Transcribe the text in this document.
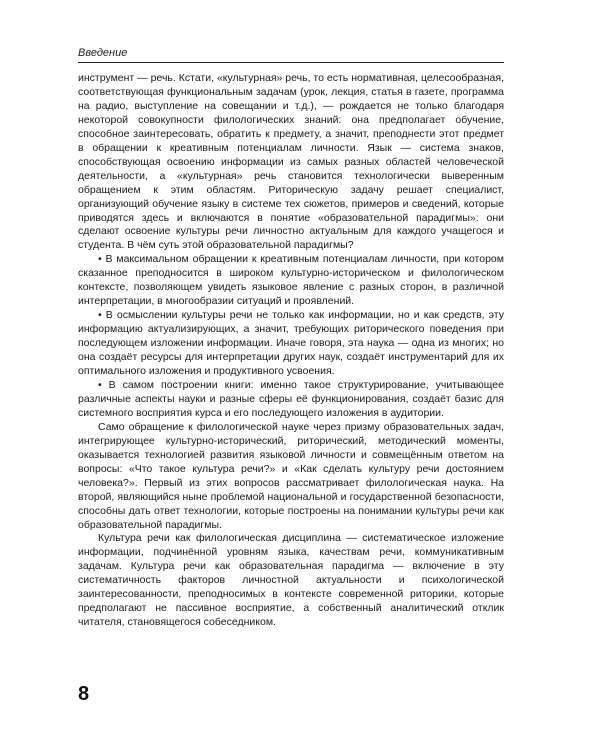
Введение

инструмент — речь. Кстати, «культурная» речь, то есть нормативная, целесообразная, соответствующая функциональным задачам (урок, лекция, статья в газете, программа на радио, выступление на совещании и т.д.), — рождается не только благодаря некоторой совокупности филологических знаний: она предполагает обучение, способное заинтересовать, обратить к предмету, а значит, преподнести этот предмет в обращении к креативным потенциалам личности. Язык — система знаков, способствующая освоению информации из самых разных областей человеческой деятельности, а «культурная» речь становится технологически выверенным обращением к этим областям. Риторическую задачу решает специалист, организующий обучение языку в системе тех сюжетов, примеров и сведений, которые приводятся здесь и включаются в понятие «образовательной парадигмы»: они сделают освоение культуры речи личностно актуальным для каждого учащегося и студента. В чём суть этой образовательной парадигмы?

• В максимальном обращении к креативным потенциалам личности, при котором сказанное преподносится в широком культурно-историческом и филологическом контексте, позволяющем увидеть языковое явление с разных сторон, в различной интерпретации, в многообразии ситуаций и проявлений.

• В осмыслении культуры речи не только как информации, но и как средств, эту информацию актуализирующих, а значит, требующих риторического поведения при последующем изложении информации. Иначе говоря, эта наука — одна из многих; но она создаёт ресурсы для интерпретации других наук, создаёт инструментарий для их оптимального изложения и продуктивного усвоения.

• В самом построении книги: именно такое структурирование, учитывающее различные аспекты науки и разные сферы её функционирования, создаёт базис для системного восприятия курса и его последующего изложения в аудитории.

Само обращение к филологической науке через призму образовательных задач, интегрирующее культурно-исторический, риторический, методический моменты, оказывается технологией развития языковой личности и совмещённым ответом на вопросы: «Что такое культура речи?» и «Как сделать культуру речи достоянием человека?». Первый из этих вопросов рассматривает филологическая наука. На второй, являющийся ныне проблемой национальной и государственной безопасности, способны дать ответ технологии, которые построены на понимании культуры речи как образовательной парадигмы.

Культура речи как филологическая дисциплина — систематическое изложение информации, подчинённой уровням языка, качествам речи, коммуникативным задачам. Культура речи как образовательная парадигма — включение в эту систематичность факторов личностной актуальности и психологической заинтересованности, преподносимых в контексте современной риторики, которые предполагают не пассивное восприятие, а собственный аналитический отклик читателя, становящегося собеседником.

8
